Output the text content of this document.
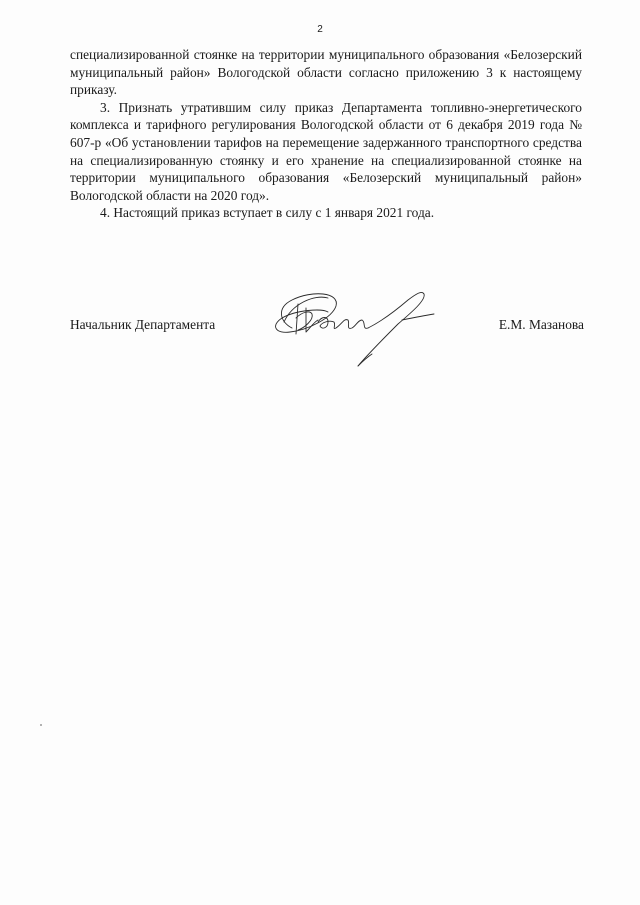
2

специализированной стоянке на территории муниципального образования «Белозерский муниципальный район» Вологодской области согласно приложению 3 к настоящему приказу.

3. Признать утратившим силу приказ Департамента топливно-энергетического комплекса и тарифного регулирования Вологодской области от 6 декабря 2019 года № 607-р «Об установлении тарифов на перемещение задержанного транспортного средства на специализированную стоянку и его хранение на специализированной стоянке на территории муниципального образования «Белозерский муниципальный район» Вологодской области на 2020 год».

4. Настоящий приказ вступает в силу с 1 января 2021 года.

Начальник Департамента	Е.М. Мазанова
